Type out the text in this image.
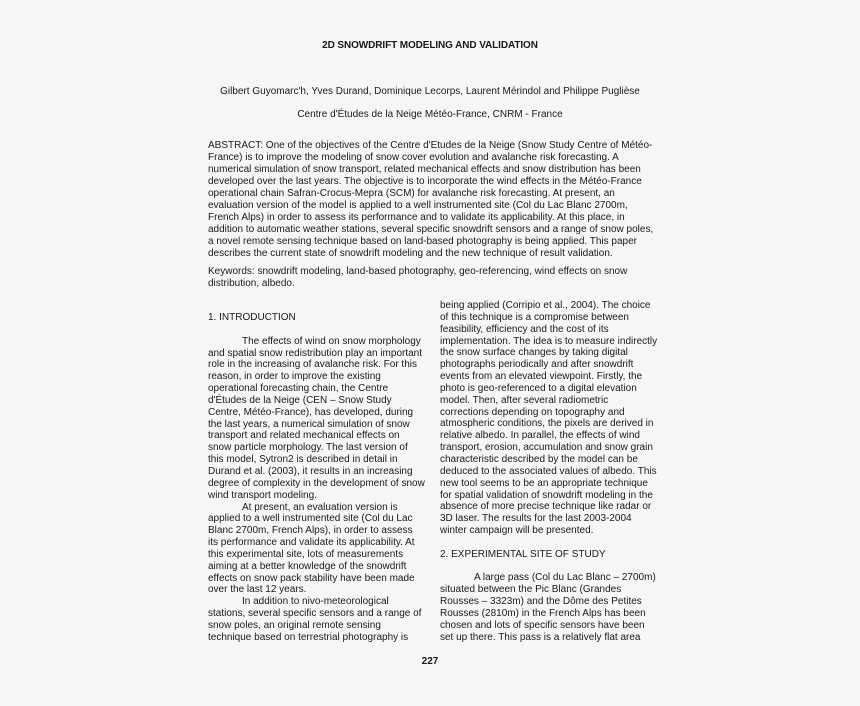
2D SNOWDRIFT MODELING AND VALIDATION
Gilbert Guyomarc'h, Yves Durand, Dominique Lecorps, Laurent Mérindol and Philippe Puglièse
Centre d'Études de la Neige Météo-France, CNRM - France
ABSTRACT: One of the objectives of the Centre d'Etudes de la Neige (Snow Study Centre of Météo-
France) is to improve the modeling of snow cover evolution and avalanche risk forecasting. A
numerical simulation of snow transport, related mechanical effects and snow distribution has been
developed over the last years. The objective is to incorporate the wind effects in the Météo-France
operational chain Safran-Crocus-Mepra (SCM) for avalanche risk forecasting. At present, an
evaluation version of the model is applied to a well instrumented site (Col du Lac Blanc 2700m,
French Alps) in order to assess its performance and to validate its applicability. At this place, in
addition to automatic weather stations, several specific snowdrift sensors and a range of snow poles,
a novel remote sensing technique based on land-based photography is being applied. This paper
describes the current state of snowdrift modeling and the new technique of result validation.
Keywords: snowdrift modeling, land-based photography, geo-referencing, wind effects on snow distribution, albedo.
1. INTRODUCTION
The effects of wind on snow morphology
and spatial snow redistribution play an important
role in the increasing of avalanche risk. For this
reason, in order to improve the existing
operational forecasting chain, the Centre
d'Études de la Neige (CEN – Snow Study
Centre, Météo-France), has developed, during
the last years, a numerical simulation of snow
transport and related mechanical effects on
snow particle morphology. The last version of
this model, Sytron2 is described in detail in
Durand et al. (2003), it results in an increasing
degree of complexity in the development of snow
wind transport modeling.
At present, an evaluation version is
applied to a well instrumented site (Col du Lac
Blanc 2700m, French Alps), in order to assess
its performance and validate its applicability. At
this experimental site, lots of measurements
aiming at a better knowledge of the snowdrift
effects on snow pack stability have been made
over the last 12 years.
In addition to nivo-meteorological
stations, several specific sensors and a range of
snow poles, an original remote sensing
technique based on terrestrial photography is
being applied (Corripio et al., 2004). The choice
of this technique is a compromise between
feasibility, efficiency and the cost of its
implementation. The idea is to measure indirectly
the snow surface changes by taking digital
photographs periodically and after snowdrift
events from an elevated viewpoint. Firstly, the
photo is geo-referenced to a digital elevation
model. Then, after several radiometric
corrections depending on topography and
atmospheric conditions, the pixels are derived in
relative albedo. In parallel, the effects of wind
transport, erosion, accumulation and snow grain
characteristic described by the model can be
deduced to the associated values of albedo. This
new tool seems to be an appropriate technique
for spatial validation of snowdrift modeling in the
absence of more precise technique like radar or
3D laser. The results for the last 2003-2004
winter campaign will be presented.
2. EXPERIMENTAL SITE OF STUDY
A large pass (Col du Lac Blanc – 2700m)
situated between the Pic Blanc (Grandes
Rousses – 3323m) and the Dôme des Petites
Rousses (2810m) in the French Alps has been
chosen and lots of specific sensors have been
set up there. This pass is a relatively flat area
227
